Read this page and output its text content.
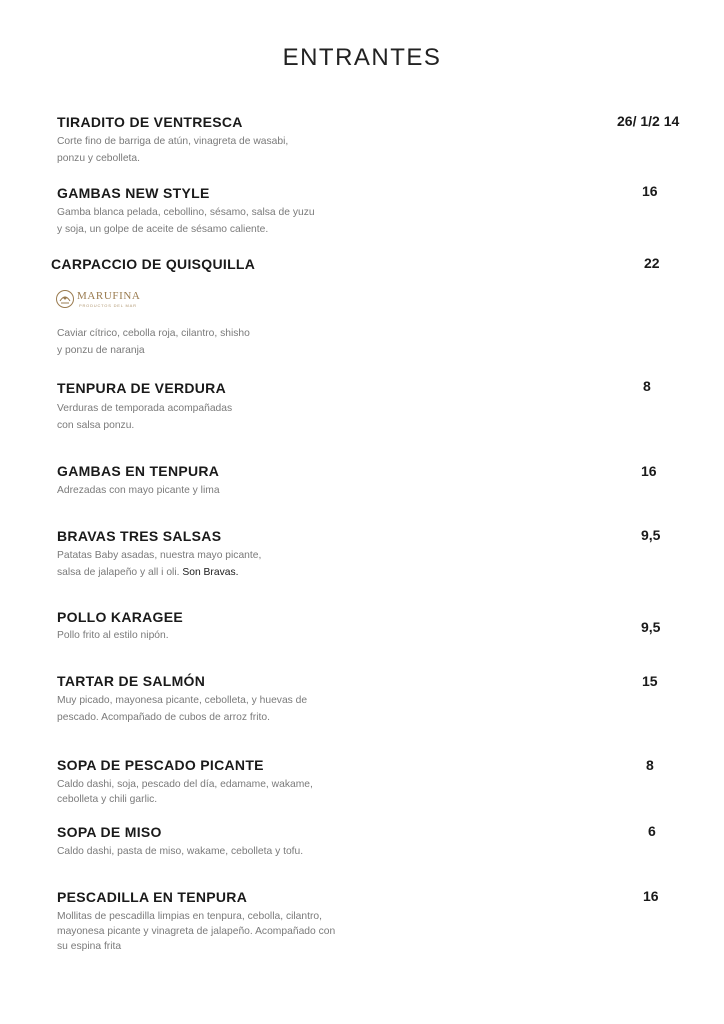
ENTRANTES
TIRADITO DE VENTRESCA
Corte fino de barriga de atún, vinagreta de wasabi,
ponzu y cebolleta.
26/ 1/2 14
GAMBAS NEW STYLE
Gamba blanca pelada, cebollino, sésamo, salsa de yuzu
y soja, un golpe de aceite de sésamo caliente.
16
CARPACCIO DE QUISQUILLA	22
MARUFINA
PRODUCTOS DEL MAR
Caviar cítrico, cebolla roja, cilantro, shisho
y ponzu de naranja
TENPURA DE VERDURA
Verduras de temporada acompañadas
con salsa ponzu.
8
GAMBAS EN TENPURA
Adrezadas con mayo picante y lima
16
BRAVAS TRES SALSAS
Patatas Baby asadas, nuestra mayo picante,
salsa de jalapeño y all i oli. Son Bravas.
9,5
POLLO KARAGEE
Pollo frito al estilo nipón.
9,5
TARTAR DE SALMÓN
Muy picado, mayonesa picante, cebolleta, y huevas de
pescado. Acompañado de cubos de arroz frito.
15
SOPA DE PESCADO PICANTE
Caldo dashi, soja, pescado del día, edamame, wakame,
cebolleta y chili garlic.
8
SOPA DE MISO
Caldo dashi, pasta de miso, wakame, cebolleta y tofu.
6
PESCADILLA EN TENPURA
Mollitas de pescadilla limpias en tenpura, cebolla, cilantro,
mayonesa picante y vinagreta de jalapeño. Acompañado con
su espina frita
16
